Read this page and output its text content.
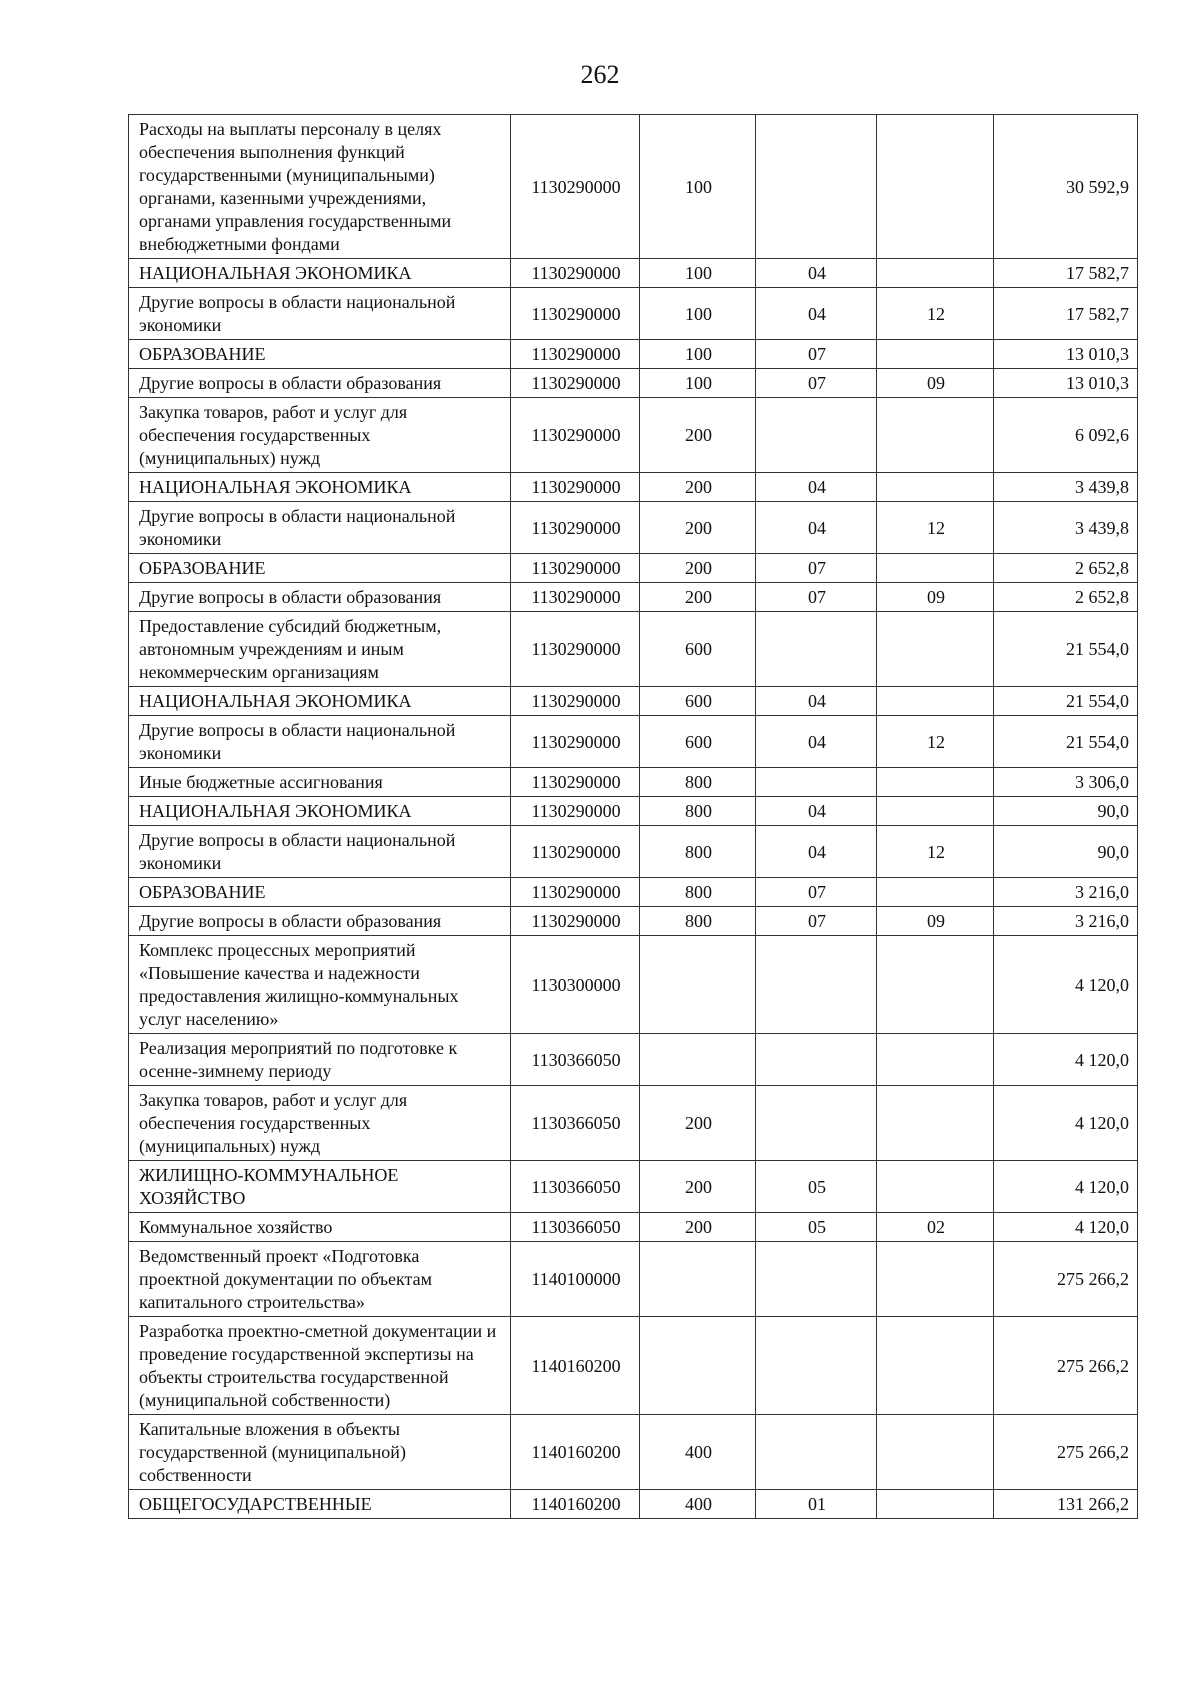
262
Расходы на выплаты персоналу в целях обеспечения выполнения функций государственными (муниципальными) органами, казенными учреждениями, органами управления государственными внебюджетными фондами	1130290000	100			30 592,9
НАЦИОНАЛЬНАЯ ЭКОНОМИКА	1130290000	100	04		17 582,7
Другие вопросы в области национальной экономики	1130290000	100	04	12	17 582,7
ОБРАЗОВАНИЕ	1130290000	100	07		13 010,3
Другие вопросы в области образования	1130290000	100	07	09	13 010,3
Закупка товаров, работ и услуг для обеспечения государственных (муниципальных) нужд	1130290000	200			6 092,6
НАЦИОНАЛЬНАЯ ЭКОНОМИКА	1130290000	200	04		3 439,8
Другие вопросы в области национальной экономики	1130290000	200	04	12	3 439,8
ОБРАЗОВАНИЕ	1130290000	200	07		2 652,8
Другие вопросы в области образования	1130290000	200	07	09	2 652,8
Предоставление субсидий бюджетным, автономным учреждениям и иным некоммерческим организациям	1130290000	600			21 554,0
НАЦИОНАЛЬНАЯ ЭКОНОМИКА	1130290000	600	04		21 554,0
Другие вопросы в области национальной экономики	1130290000	600	04	12	21 554,0
Иные бюджетные ассигнования	1130290000	800			3 306,0
НАЦИОНАЛЬНАЯ ЭКОНОМИКА	1130290000	800	04		90,0
Другие вопросы в области национальной экономики	1130290000	800	04	12	90,0
ОБРАЗОВАНИЕ	1130290000	800	07		3 216,0
Другие вопросы в области образования	1130290000	800	07	09	3 216,0
Комплекс процессных мероприятий «Повышение качества и надежности предоставления жилищно-коммунальных услуг населению»	1130300000				4 120,0
Реализация мероприятий по подготовке к осенне-зимнему периоду	1130366050				4 120,0
Закупка товаров, работ и услуг для обеспечения государственных (муниципальных) нужд	1130366050	200			4 120,0
ЖИЛИЩНО-КОММУНАЛЬНОЕ ХОЗЯЙСТВО	1130366050	200	05		4 120,0
Коммунальное хозяйство	1130366050	200	05	02	4 120,0
Ведомственный проект «Подготовка проектной документации по объектам капитального строительства»	1140100000				275 266,2
Разработка проектно-сметной документации и проведение государственной экспертизы на объекты строительства государственной (муниципальной собственности)	1140160200				275 266,2
Капитальные вложения в объекты государственной (муниципальной) собственности	1140160200	400			275 266,2
ОБЩЕГОСУДАРСТВЕННЫЕ	1140160200	400	01		131 266,2
